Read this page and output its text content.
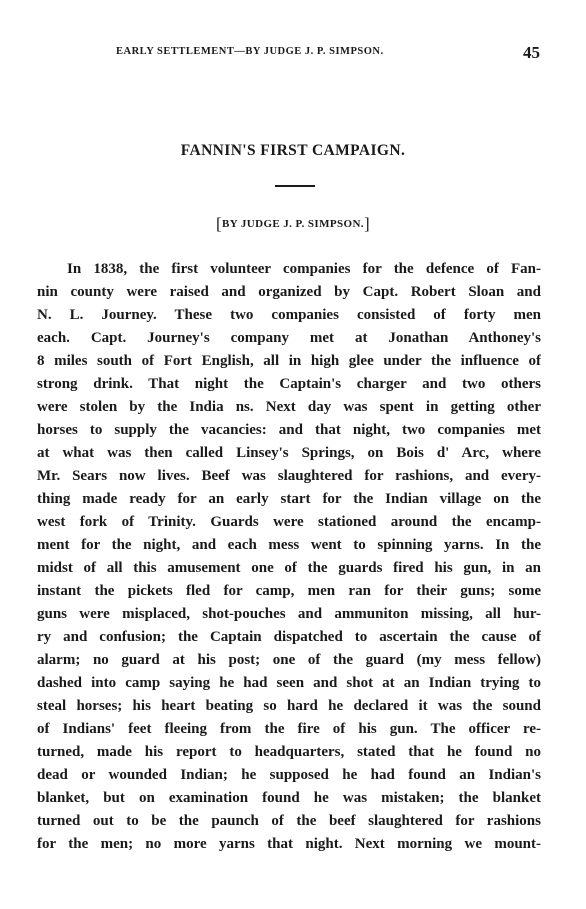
EARLY SETTLEMENT—BY JUDGE J. P. SIMPSON.	45
FANNIN'S FIRST CAMPAIGN.
[BY JUDGE J. P. SIMPSON.]
In 1838, the first volunteer companies for the defence of Fan-
nin county were raised and organized by Capt. Robert Sloan and
N. L. Journey. These two companies consisted of forty men
each. Capt. Journey's company met at Jonathan Anthoney's
8 miles south of Fort English, all in high glee under the influence of
strong drink. That night the Captain's charger and two others
were stolen by the India ns. Next day was spent in getting other
horses to supply the vacancies: and that night, two companies met
at what was then called Linsey's Springs, on Bois d' Arc, where
Mr. Sears now lives. Beef was slaughtered for rashions, and every-
thing made ready for an early start for the Indian village on the
west fork of Trinity. Guards were stationed around the encamp-
ment for the night, and each mess went to spinning yarns. In the
midst of all this amusement one of the guards fired his gun, in an
instant the pickets fled for camp, men ran for their guns; some
guns were misplaced, shot-pouches and ammuniton missing, all hur-
ry and confusion; the Captain dispatched to ascertain the cause of
alarm; no guard at his post; one of the guard (my mess fellow)
dashed into camp saying he had seen and shot at an Indian trying to
steal horses; his heart beating so hard he declared it was the sound
of Indians' feet fleeing from the fire of his gun. The officer re-
turned, made his report to headquarters, stated that he found no
dead or wounded Indian; he supposed he had found an Indian's
blanket, but on examination found he was mistaken; the blanket
turned out to be the paunch of the beef slaughtered for rashions
for the men; no more yarns that night. Next morning we mount-
